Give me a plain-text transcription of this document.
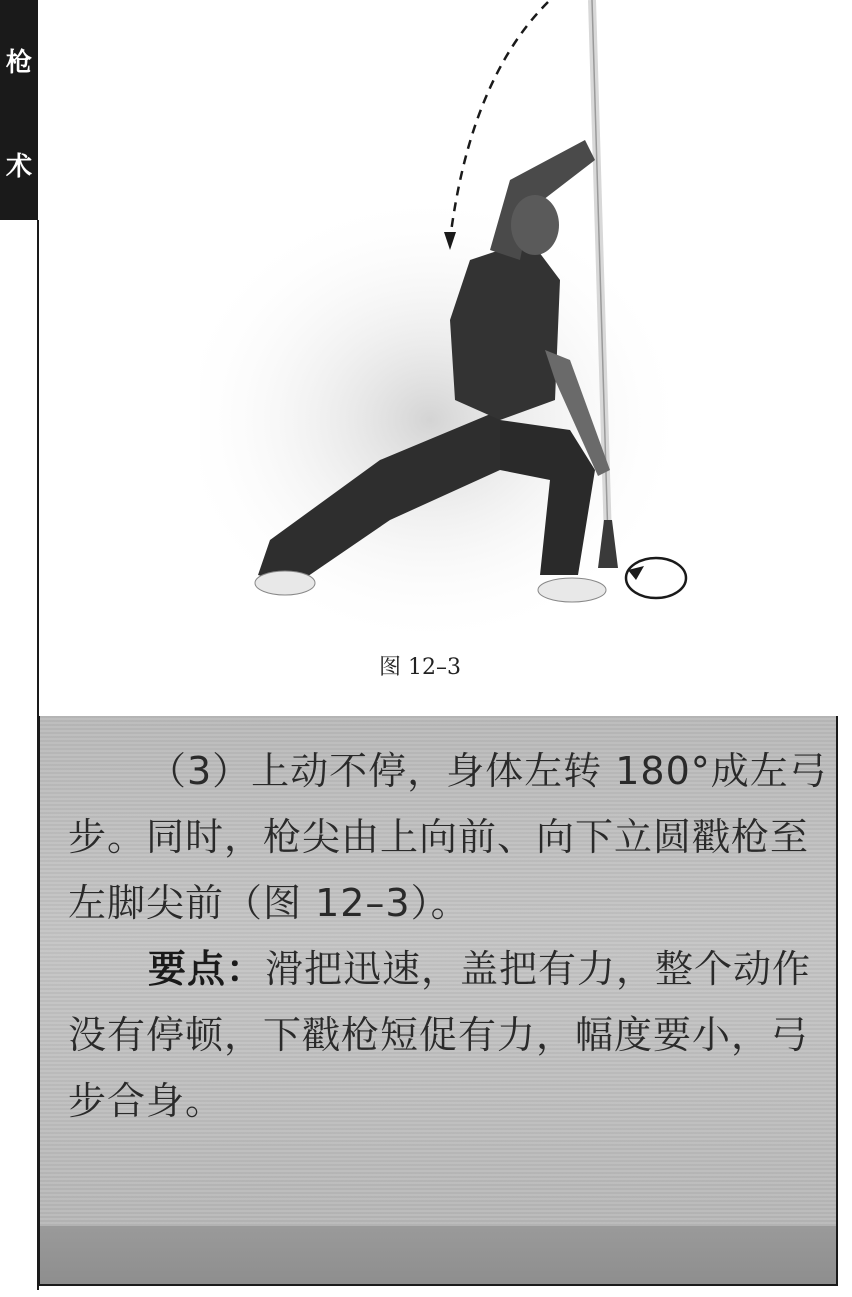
枪
术
图 12–3
（3）上动不停，身体左转 180°成左弓步。同时，枪尖由上向前、向下立圆戳枪至左脚尖前（图 12–3）。
要点：滑把迅速，盖把有力，整个动作没有停顿，下戳枪短促有力，幅度要小，弓步合身。
